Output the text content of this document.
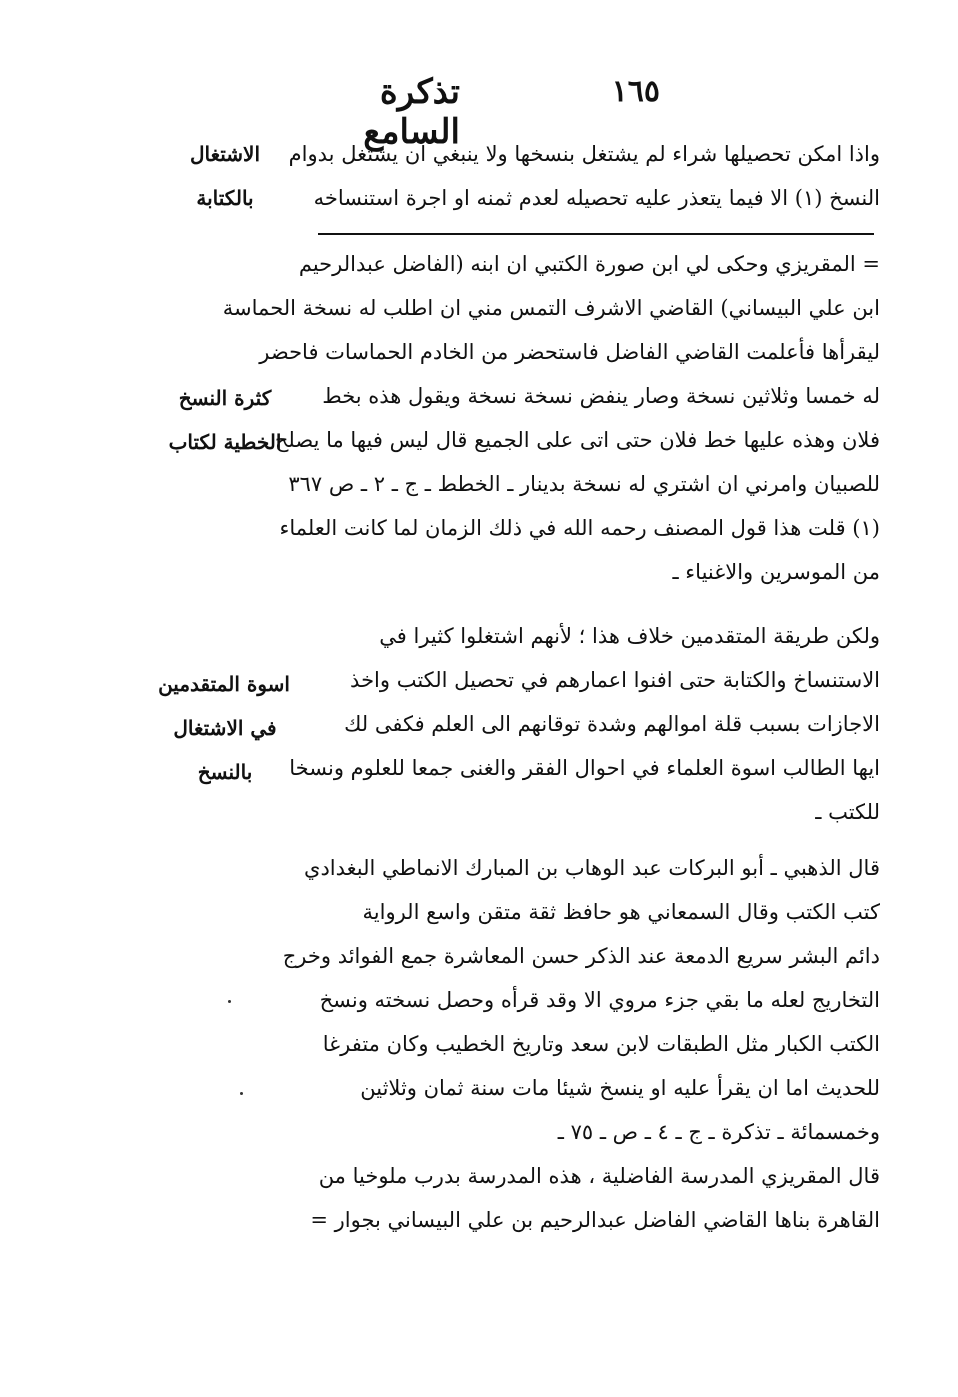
تذكرة السامع
١٦٥
واذا امكن تحصيلها شراء لم يشتغل بنسخها ولا ينبغي ان يشتغل بدوام
النسخ (١) الا فيما يتعذر عليه تحصيله لعدم ثمنه او اجرة استنساخه
= المقريزي وحكى لي ابن صورة الكتبي ان ابنه (الفاضل عبدالرحيم
ابن علي البيساني) القاضي الاشرف التمس مني ان اطلب له نسخة الحماسة
ليقرأها فأعلمت القاضي الفاضل فاستحضر من الخادم الحماسات فاحضر
له خمسا وثلاثين نسخة وصار ينفض نسخة نسخة ويقول هذه بخط
فلان وهذه عليها خط فلان حتى اتى على الجميع قال ليس فيها ما يصلح
للصبيان وامرني ان اشتري له نسخة بدينار ـ الخطط ـ ج ـ ٢ ـ ص ٣٦٧
(١) قلت هذا قول المصنف رحمه الله في ذلك الزمان لما كانت العلماء
من الموسرين والاغنياء ـ
ولكن طريقة المتقدمين خلاف هذا ؛ لأنهم اشتغلوا كثيرا في
الاستنساخ والكتابة حتى افنوا اعمارهم في تحصيل الكتب واخذ
الاجازات بسبب قلة اموالهم وشدة توقانهم الى العلم فكفى لك
ايها الطالب اسوة العلماء في احوال الفقر والغنى جمعا للعلوم ونسخا
للكتب ـ
قال الذهبي ـ أبو البركات عبد الوهاب بن المبارك الانماطي البغدادي
كتب الكتب وقال السمعاني هو حافظ ثقة متقن واسع الرواية
دائم البشر سريع الدمعة عند الذكر حسن المعاشرة جمع الفوائد وخرج
التخاريج لعله ما بقي جزء مروي الا وقد قرأه وحصل نسخته ونسخ
الكتب الكبار مثل الطبقات لابن سعد وتاريخ الخطيب وكان متفرغا
للحديث اما ان يقرأ عليه او ينسخ شيئا مات سنة ثمان وثلاثين
وخمسمائة ـ تذكرة ـ ج ـ ٤ ـ ص ـ ٧٥ ـ
قال المقريزي المدرسة الفاضلية ، هذه المدرسة بدرب ملوخيا من
القاهرة بناها القاضي الفاضل عبدالرحيم بن علي البيساني بجوار =
الاشتغال
بالكتابة
كثرة النسخ
الخطية لكتاب
اسوة المتقدمين
في الاشتغال
بالنسخ
